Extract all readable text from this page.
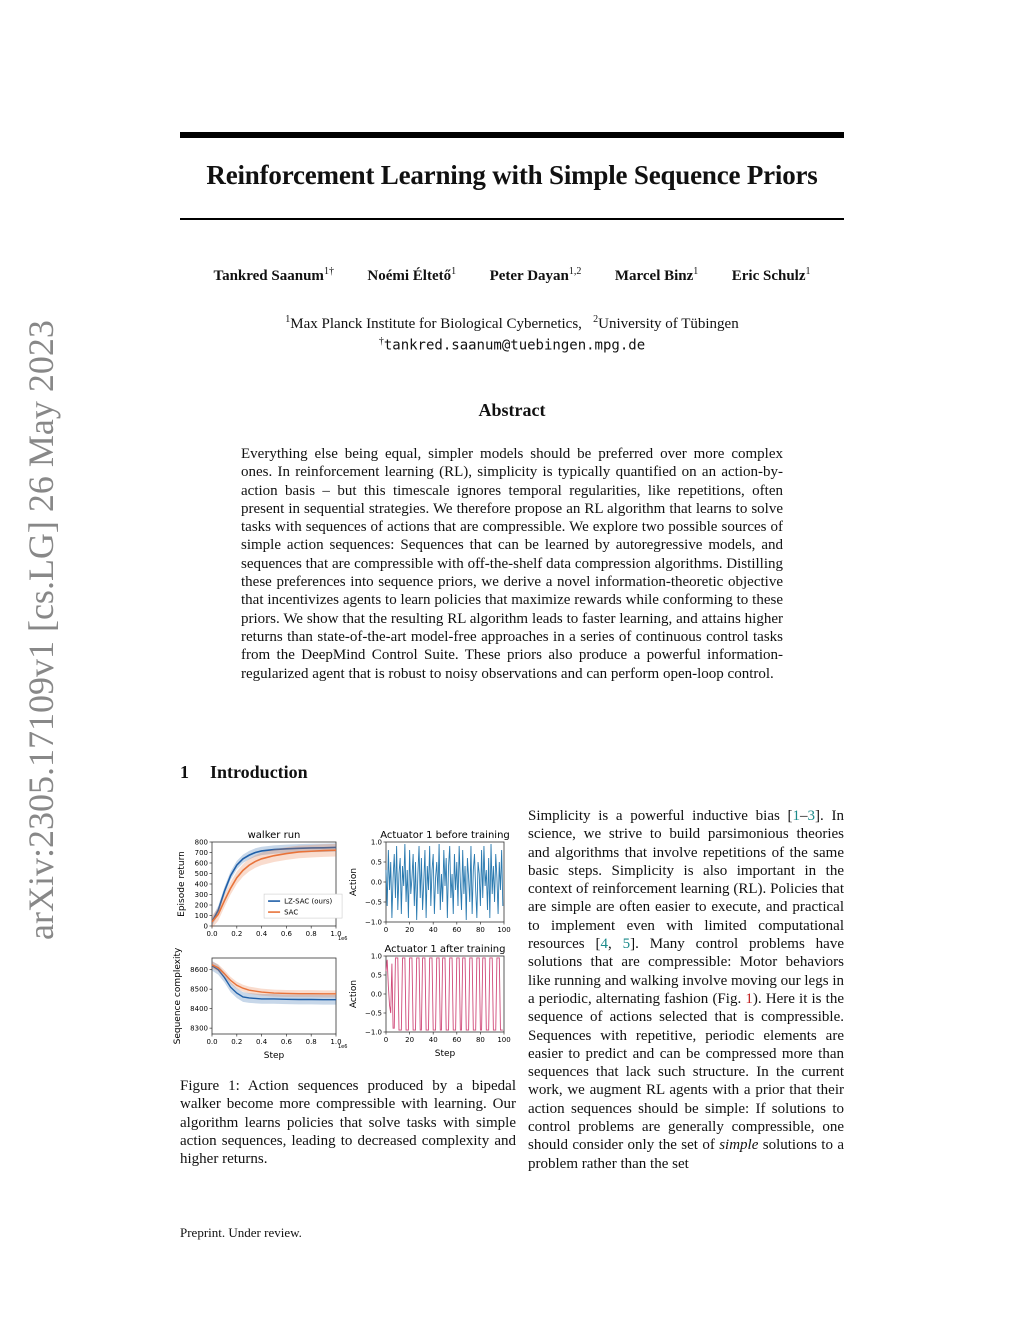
arXiv:2305.17109v1 [cs.LG] 26 May 2023
Reinforcement Learning with Simple Sequence Priors
Tankred Saanum$^{1\dagger}$ Noémi Éltető$^1$ Peter Dayan$^{1,2}$ Marcel Binz$^1$ Eric Schulz$^1$
$^1$Max Planck Institute for Biological Cybernetics, $^2$University of Tübingen
†tankred.saanum@tuebingen.mpg.de
Abstract

Everything else being equal, simpler models should be preferred over more complex ones. In reinforcement learning (RL), simplicity is typically quantified on an action-by-action basis – but this timescale ignores temporal regularities, like repetitions, often present in sequential strategies. We therefore propose an RL algorithm that learns to solve tasks with sequences of actions that are compressible. We explore two possible sources of simple action sequences: Sequences that can be learned by autoregressive models, and sequences that are compressible with off-the-shelf data compression algorithms. Distilling these preferences into sequence priors, we derive a novel information-theoretic objective that incentivizes agents to learn policies that maximize rewards while conforming to these priors. We show that the resulting RL algorithm leads to faster learning, and attains higher returns than state-of-the-art model-free approaches in a series of continuous control tasks from the DeepMind Control Suite. These priors also produce a powerful information-regularized agent that is robust to noisy observations and can perform open-loop control.

1 Introduction
walker run
Episode return
0.0 0.2 0.4 0.6 0.8 1.0
0
100
200
300
400
500
600
700
800
1e6
LZ-SAC (ours)
SAC
Sequence complexity
Step
0.0 0.2 0.4 0.6 0.8 1.0
8300
8400
8500
8600
1e6
Actuator 1 before training
Action
0 20 40 60 80 100
−1.0
−0.5
0.0
0.5
1.0
Actuator 1 after training
Action
Step
0 20 40 60 80 100
−1.0
−0.5
0.0
0.5
1.0

Figure 1: Action sequences produced by a bipedal walker become more compressible with learning. Our algorithm learns policies that solve tasks with simple action sequences, leading to decreased complexity and higher returns.

Simplicity is a powerful inductive bias [1–3]. In science, we strive to build parsimonious theories and algorithms that involve repetitions of the same basic steps. Simplicity is also important in the context of reinforcement learning (RL). Policies that are simple are often easier to execute, and practical to implement even with limited computational resources [4, 5]. Many control problems have solutions that are compressible: Motor behaviors like running and walking involve moving our legs in a periodic, alternating fashion (Fig. 1). Here it is the sequence of actions selected that is compressible. Sequences with repetitive, periodic elements are easier to predict and can be compressed more than sequences that lack such structure. In the current work, we augment RL agents with a prior that their action sequences should be simple: If solutions to control problems are generally compressible, one should consider only the set of simple solutions to a problem rather than the set

Preprint. Under review.
